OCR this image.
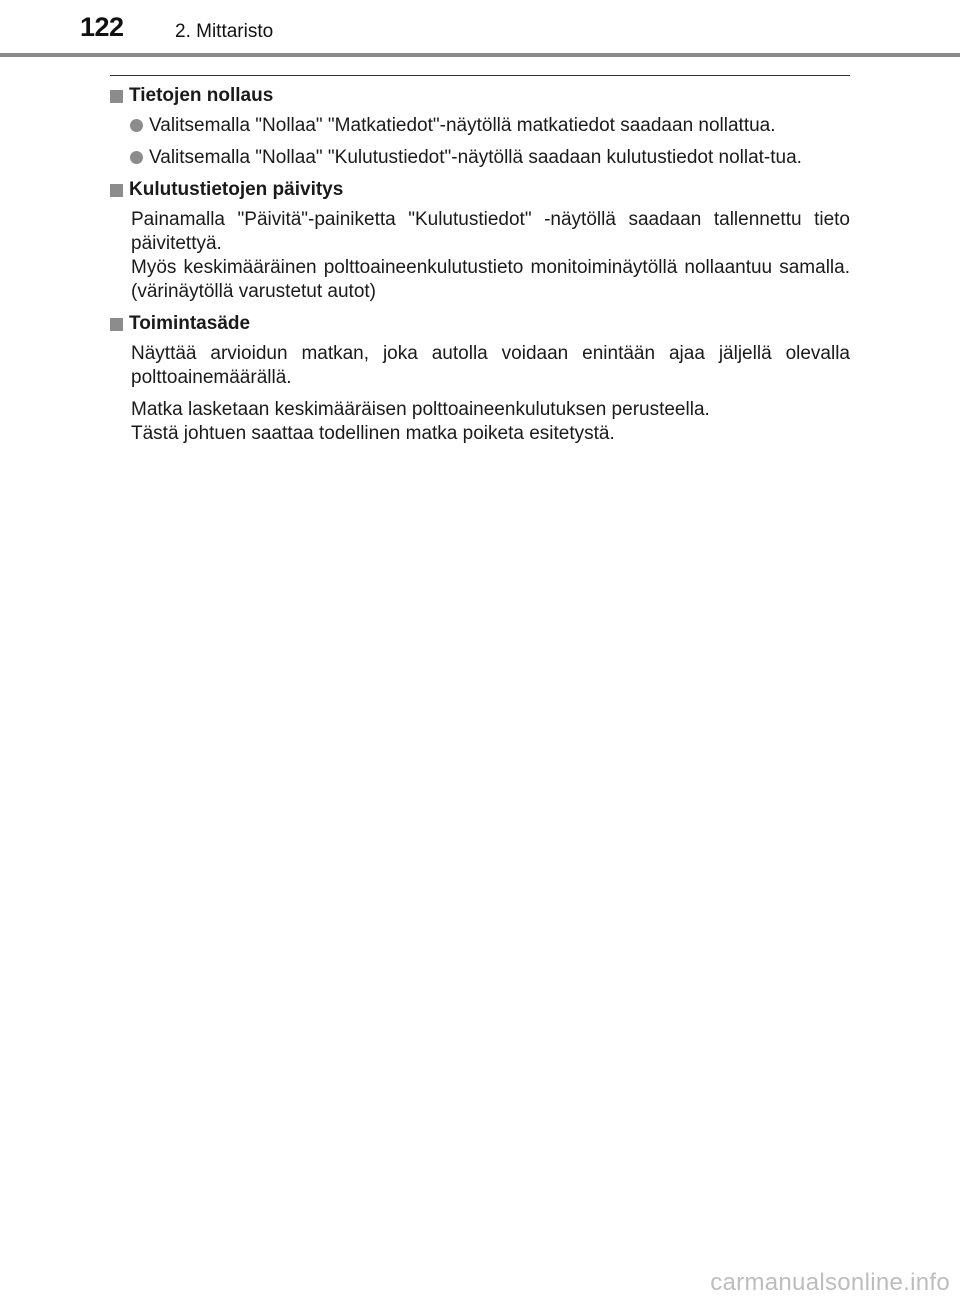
122	2. Mittaristo
Tietojen nollaus
Valitsemalla "Nollaa" "Matkatiedot"-näytöllä matkatiedot saadaan nollattua.
Valitsemalla "Nollaa" "Kulutustiedot"-näytöllä saadaan kulutustiedot nollat-tua.
Kulutustietojen päivitys
Painamalla "Päivitä"-painiketta "Kulutustiedot" -näytöllä saadaan tallennettu tieto päivitettyä.
Myös keskimääräinen polttoaineenkulutustieto monitoiminäytöllä nollaantuu samalla. (värinäytöllä varustetut autot)
Toimintasäde
Näyttää arvioidun matkan, joka autolla voidaan enintään ajaa jäljellä olevalla polttoainemäärällä.
Matka lasketaan keskimääräisen polttoaineenkulutuksen perusteella.
Tästä johtuen saattaa todellinen matka poiketa esitetystä.
carmanualsonline.info
